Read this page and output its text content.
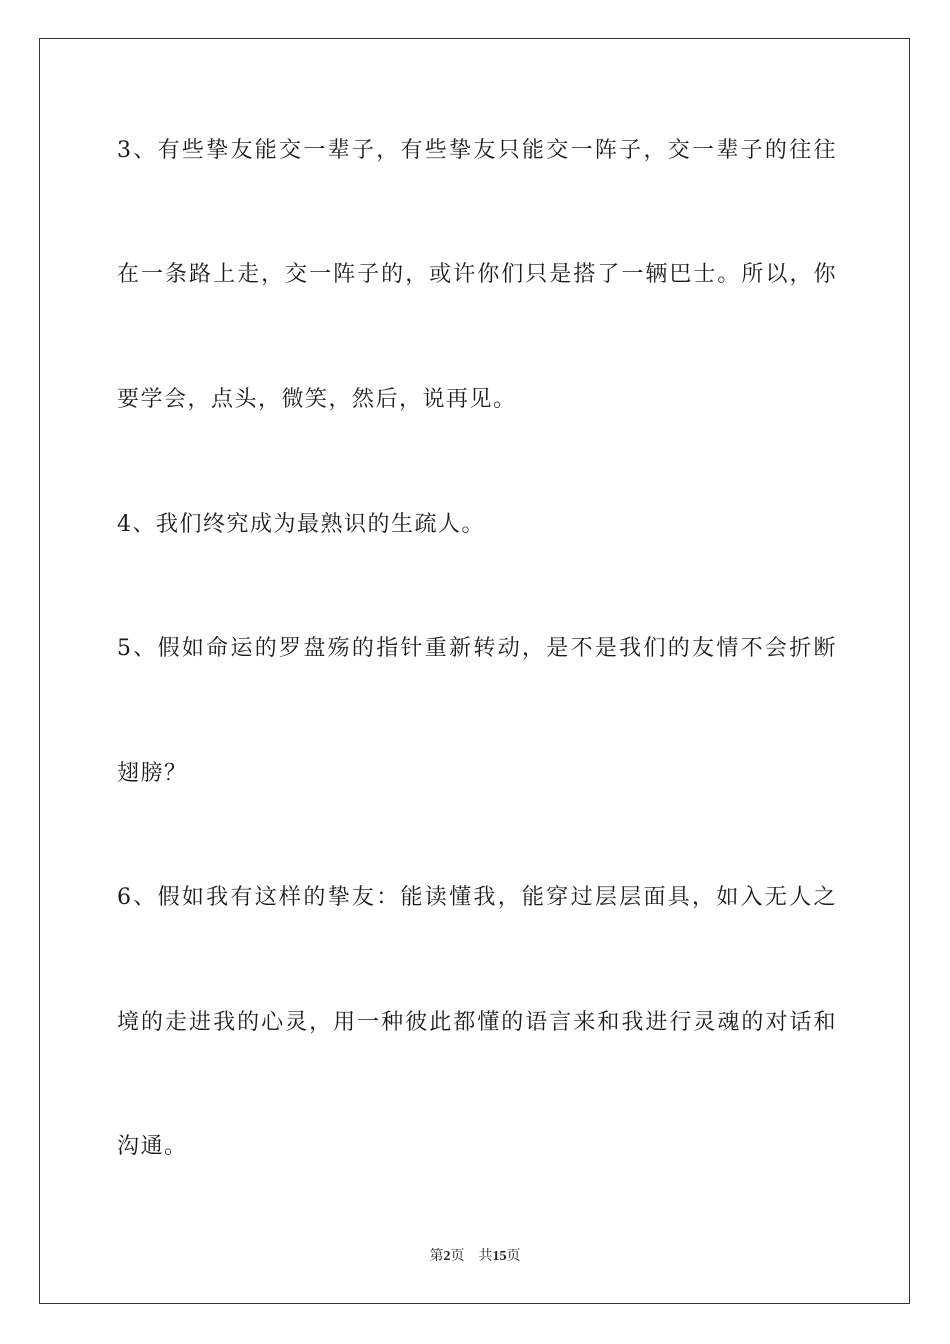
3、有些挚友能交一辈子，有些挚友只能交一阵子，交一辈子的往往
在一条路上走，交一阵子的，或许你们只是搭了一辆巴士。所以，你
要学会，点头，微笑，然后，说再见。
4、我们终究成为最熟识的生疏人。
5、假如命运的罗盘殇的指针重新转动，是不是我们的友情不会折断
翅膀？
6、假如我有这样的挚友：能读懂我，能穿过层层面具，如入无人之
境的走进我的心灵，用一种彼此都懂的语言来和我进行灵魂的对话和
沟通。
第2页 共15页
